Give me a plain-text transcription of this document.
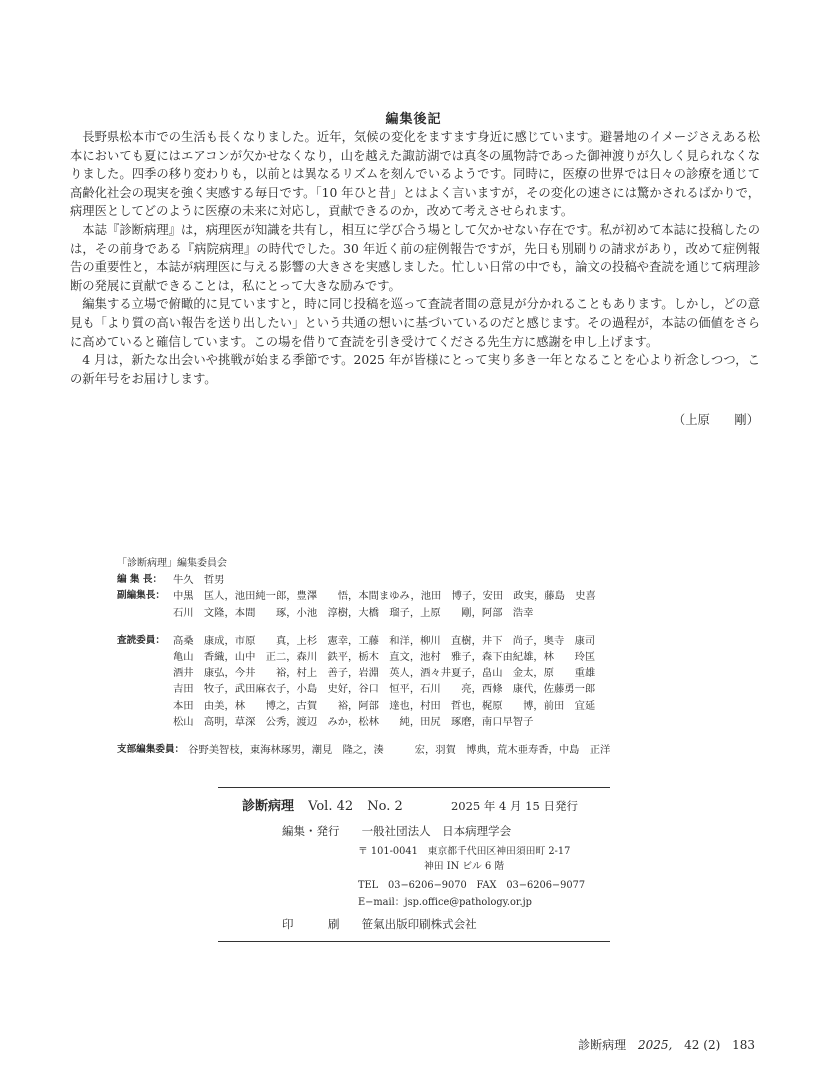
編集後記

長野県松本市での生活も長くなりました。近年，気候の変化をますます身近に感じています。避暑地のイメージさえある松本においても夏にはエアコンが欠かせなくなり，山を越えた諏訪湖では真冬の風物詩であった御神渡りが久しく見られなくなりました。四季の移り変わりも，以前とは異なるリズムを刻んでいるようです。同時に，医療の世界では日々の診療を通じて高齢化社会の現実を強く実感する毎日です。「10 年ひと昔」とはよく言いますが，その変化の速さには驚かされるばかりで，病理医としてどのように医療の未来に対応し，貢献できるのか，改めて考えさせられます。

本誌『診断病理』は，病理医が知識を共有し，相互に学び合う場として欠かせない存在です。私が初めて本誌に投稿したのは，その前身である『病院病理』の時代でした。30 年近く前の症例報告ですが，先日も別刷りの請求があり，改めて症例報告の重要性と，本誌が病理医に与える影響の大きさを実感しました。忙しい日常の中でも，論文の投稿や査読を通じて病理診断の発展に貢献できることは，私にとって大きな励みです。

編集する立場で俯瞰的に見ていますと，時に同じ投稿を巡って査読者間の意見が分かれることもあります。しかし，どの意見も「より質の高い報告を送り出したい」という共通の想いに基づいているのだと感じます。その過程が，本誌の価値をさらに高めていると確信しています。この場を借りて査読を引き受けてくださる先生方に感謝を申し上げます。

4 月は，新たな出会いや挑戦が始まる季節です。2025 年が皆様にとって実り多き一年となることを心より祈念しつつ，この新年号をお届けします。

（上原　　剛）
「診断病理」編集委員会
編 集 長：	牛久　哲男
副編集長： 中黒　匡人，池田純一郎，豊澤　　悟，本間まゆみ，池田　博子，安田　政実，藤島　史喜
石川　文隆，本間　　琢，小池　淳樹，大橋　瑠子，上原　　剛，阿部　浩幸
査読委員： 高桑　康成，市原　　真，上杉　憲幸，工藤　和洋，柳川　直樹，井下　尚子，奥寺　康司
亀山　香織，山中　正二，森川　鉄平，栃木　直文，池村　雅子，森下由紀雄，林　　玲匡
酒井　康弘，今井　　裕，村上　善子，岩淵　英人，酒々井夏子，畠山　金太，原　　重雄
吉田　牧子，武田麻衣子，小島　史好，谷口　恒平，石川　　亮，西條　康代，佐藤勇一郎
本田　由美，林　　博之，古賀　　裕，阿部　達也，村田　哲也，梶原　　博，前田　宜延
松山　高明，草深　公秀，渡辺　みか，松林　　純，田尻　琢磨，南口早智子
支部編集委員： 谷野美智枝，東海林琢男，潮見　隆之，湊　　　宏，羽賀　博典，荒木亜寿香，中島　正洋
診断病理 Vol. 42 No. 2	2025 年 4 月 15 日発行
編集・発行 一般社団法人　日本病理学会
〒 101-0041　東京都千代田区神田須田町 2-17
神田 IN ビル 6 階
TEL　03−6206−9070　FAX　03−6206−9077
E−mail：jsp.office@pathology.or.jp
印　　　刷 笹氣出版印刷株式会社
診断病理 2025, 42 (2) 183
